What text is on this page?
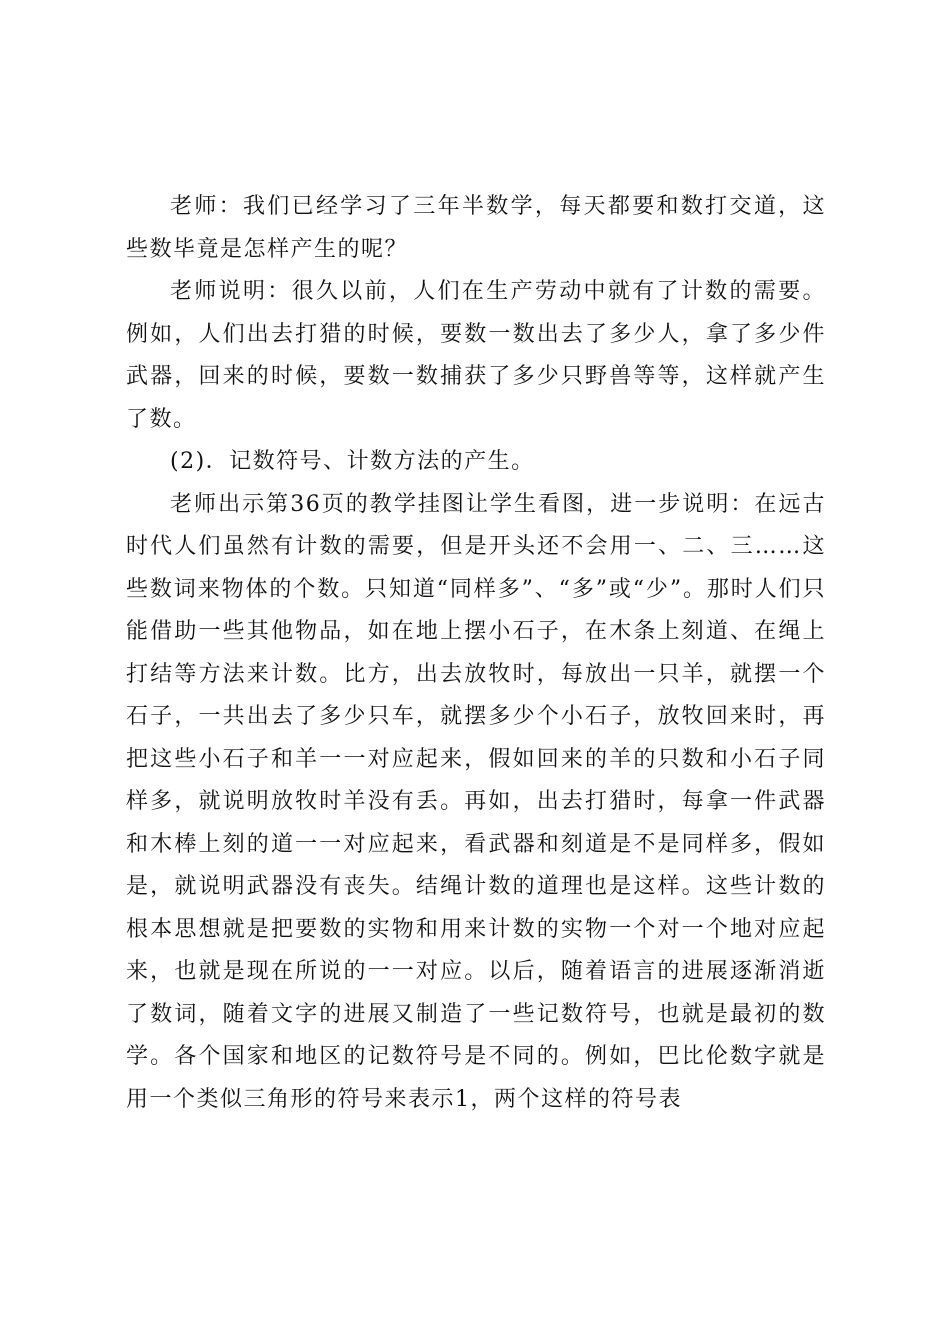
老师：我们已经学习了三年半数学，每天都要和数打交道，这些数毕竟是怎样产生的呢？

老师说明：很久以前，人们在生产劳动中就有了计数的需要。例如，人们出去打猎的时候，要数一数出去了多少人，拿了多少件武器，回来的时候，要数一数捕获了多少只野兽等等，这样就产生了数。

(2)．记数符号、计数方法的产生。

老师出示第36页的教学挂图让学生看图，进一步说明：在远古时代人们虽然有计数的需要，但是开头还不会用一、二、三……这些数词来物体的个数。只知道“同样多”、“多”或“少”。那时人们只能借助一些其他物品，如在地上摆小石子，在木条上刻道、在绳上打结等方法来计数。比方，出去放牧时，每放出一只羊，就摆一个石子，一共出去了多少只车，就摆多少个小石子，放牧回来时，再把这些小石子和羊一一对应起来，假如回来的羊的只数和小石子同样多，就说明放牧时羊没有丢。再如，出去打猎时，每拿一件武器和木棒上刻的道一一对应起来，看武器和刻道是不是同样多，假如是，就说明武器没有丧失。结绳计数的道理也是这样。这些计数的根本思想就是把要数的实物和用来计数的实物一个对一个地对应起来，也就是现在所说的一一对应。以后，随着语言的进展逐渐消逝了数词，随着文字的进展又制造了一些记数符号，也就是最初的数学。各个国家和地区的记数符号是不同的。例如，巴比伦数字就是用一个类似三角形的符号来表示1，两个这样的符号表
